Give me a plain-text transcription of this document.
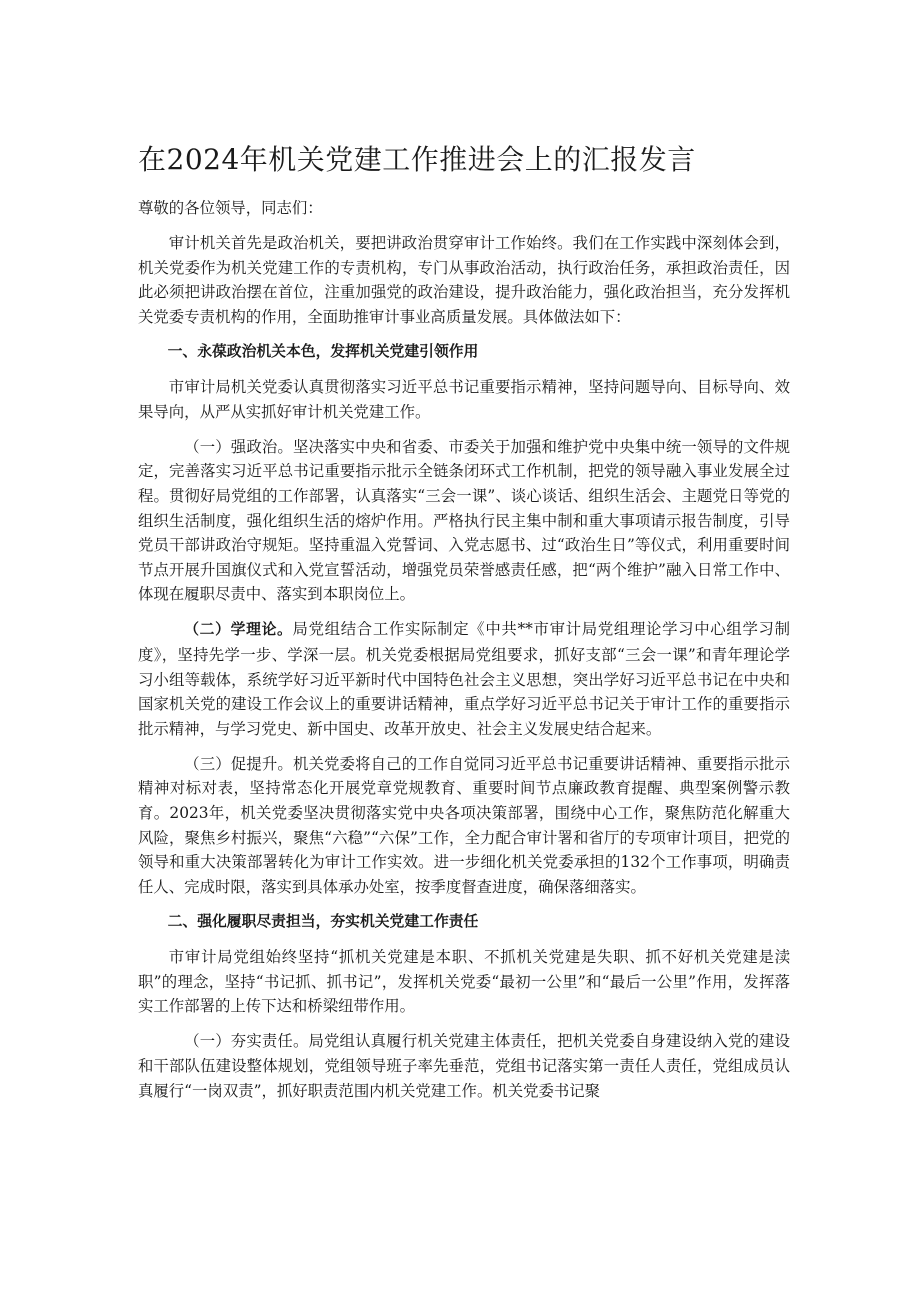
在2024年机关党建工作推进会上的汇报发言

尊敬的各位领导，同志们：

审计机关首先是政治机关，要把讲政治贯穿审计工作始终。我们在工作实践中深刻体会到，机关党委作为机关党建工作的专责机构，专门从事政治活动，执行政治任务，承担政治责任，因此必须把讲政治摆在首位，注重加强党的政治建设，提升政治能力，强化政治担当，充分发挥机关党委专责机构的作用，全面助推审计事业高质量发展。具体做法如下：

一、永葆政治机关本色，发挥机关党建引领作用

市审计局机关党委认真贯彻落实习近平总书记重要指示精神，坚持问题导向、目标导向、效果导向，从严从实抓好审计机关党建工作。

（一）强政治。坚决落实中央和省委、市委关于加强和维护党中央集中统一领导的文件规定，完善落实习近平总书记重要指示批示全链条闭环式工作机制，把党的领导融入事业发展全过程。贯彻好局党组的工作部署，认真落实“三会一课”、谈心谈话、组织生活会、主题党日等党的组织生活制度，强化组织生活的熔炉作用。严格执行民主集中制和重大事项请示报告制度，引导党员干部讲政治守规矩。坚持重温入党誓词、入党志愿书、过“政治生日”等仪式，利用重要时间节点开展升国旗仪式和入党宣誓活动，增强党员荣誉感责任感，把“两个维护”融入日常工作中、体现在履职尽责中、落实到本职岗位上。

（二）学理论。局党组结合工作实际制定《中共**市审计局党组理论学习中心组学习制度》，坚持先学一步、学深一层。机关党委根据局党组要求，抓好支部“三会一课”和青年理论学习小组等载体，系统学好习近平新时代中国特色社会主义思想，突出学好习近平总书记在中央和国家机关党的建设工作会议上的重要讲话精神，重点学好习近平总书记关于审计工作的重要指示批示精神，与学习党史、新中国史、改革开放史、社会主义发展史结合起来。

（三）促提升。机关党委将自己的工作自觉同习近平总书记重要讲话精神、重要指示批示精神对标对表，坚持常态化开展党章党规教育、重要时间节点廉政教育提醒、典型案例警示教育。2023年，机关党委坚决贯彻落实党中央各项决策部署，围绕中心工作，聚焦防范化解重大风险，聚焦乡村振兴，聚焦“六稳”“六保”工作，全力配合审计署和省厅的专项审计项目，把党的领导和重大决策部署转化为审计工作实效。进一步细化机关党委承担的132个工作事项，明确责任人、完成时限，落实到具体承办处室，按季度督查进度，确保落细落实。

二、强化履职尽责担当，夯实机关党建工作责任

市审计局党组始终坚持“抓机关党建是本职、不抓机关党建是失职、抓不好机关党建是渎职”的理念，坚持“书记抓、抓书记”，发挥机关党委“最初一公里”和“最后一公里”作用，发挥落实工作部署的上传下达和桥梁纽带作用。

（一）夯实责任。局党组认真履行机关党建主体责任，把机关党委自身建设纳入党的建设和干部队伍建设整体规划，党组领导班子率先垂范，党组书记落实第一责任人责任，党组成员认真履行“一岗双责”，抓好职责范围内机关党建工作。机关党委书记聚
